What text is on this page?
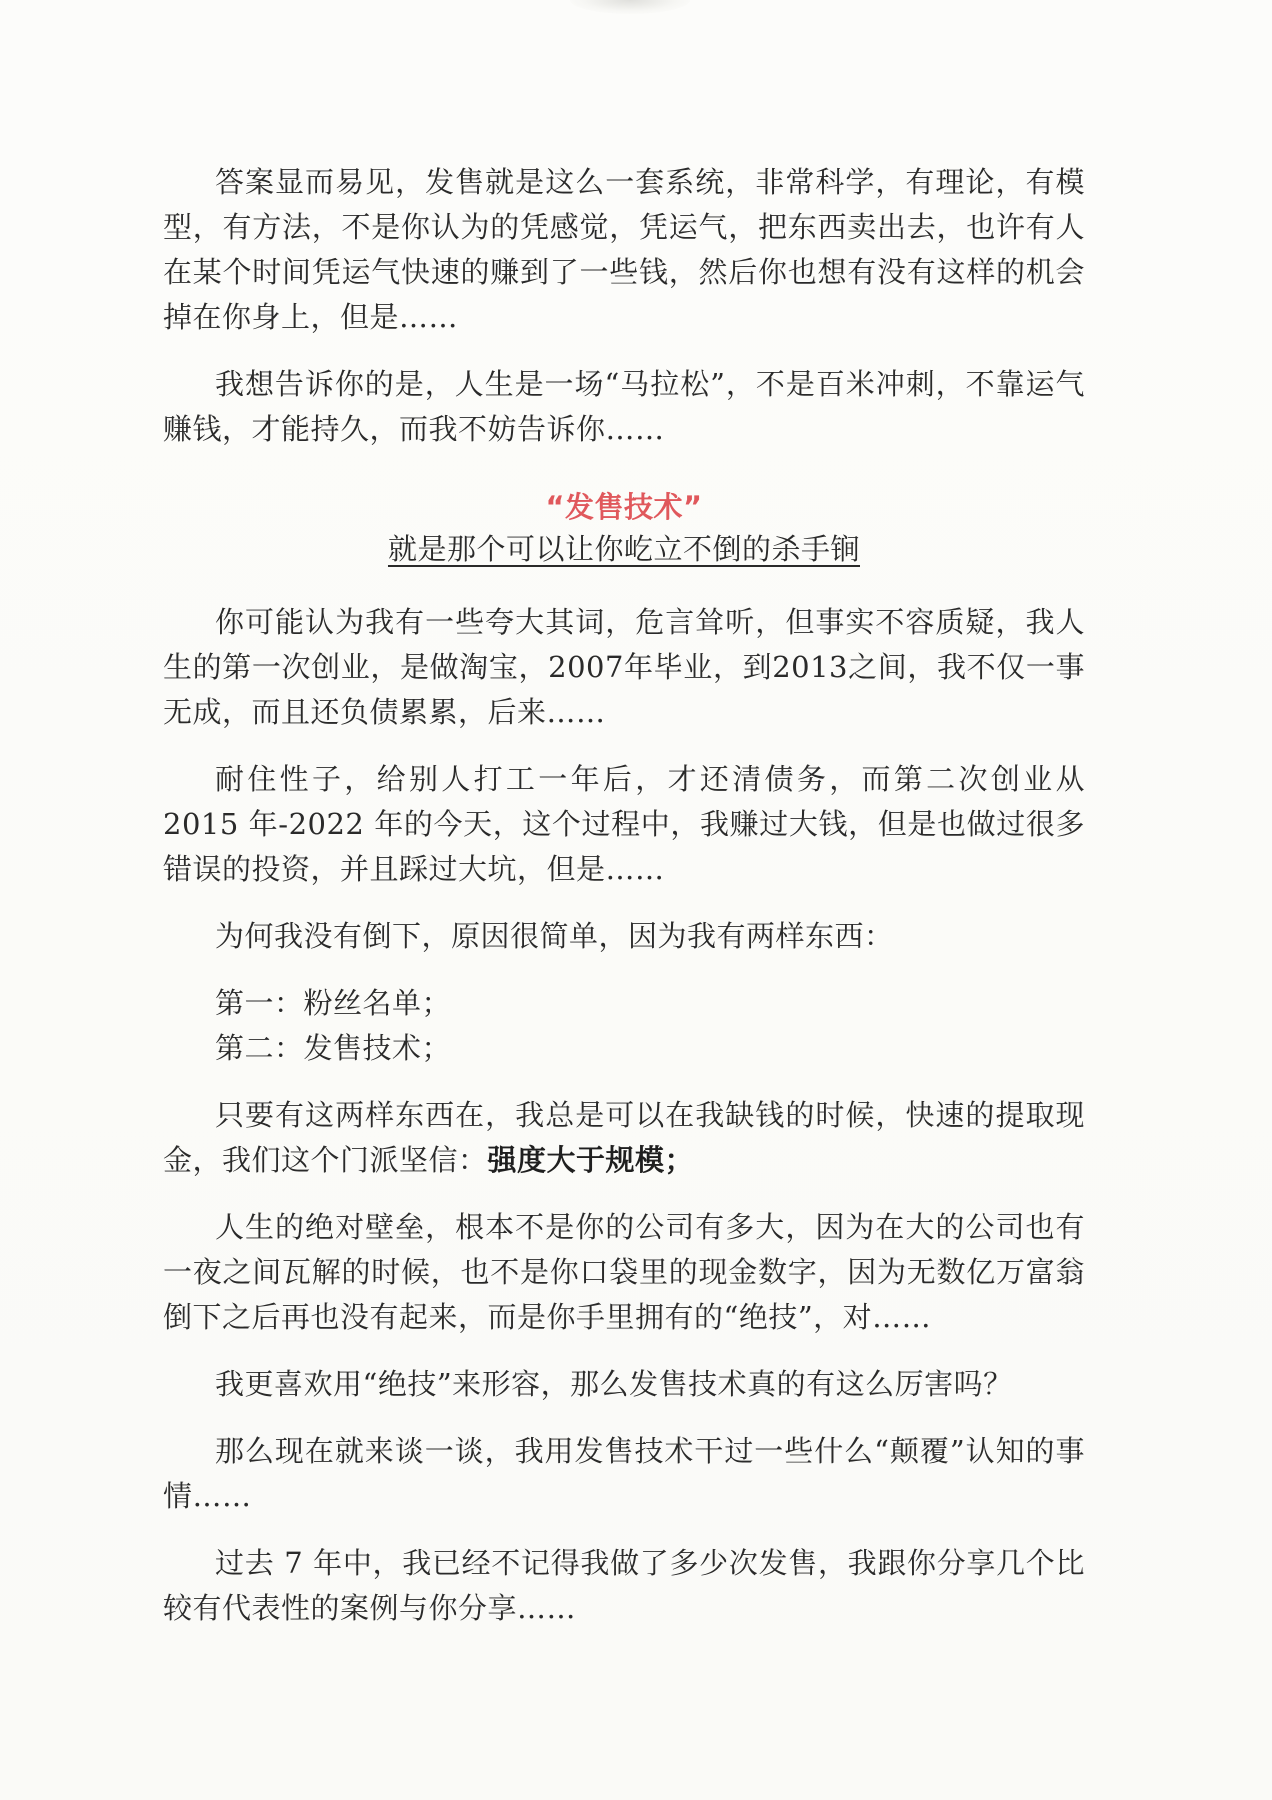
答案显而易见，发售就是这么一套系统，非常科学，有理论，有模型，有方法，不是你认为的凭感觉，凭运气，把东西卖出去，也许有人在某个时间凭运气快速的赚到了一些钱，然后你也想有没有这样的机会掉在你身上，但是……

我想告诉你的是，人生是一场“马拉松”，不是百米冲刺，不靠运气赚钱，才能持久，而我不妨告诉你……

“发售技术”
就是那个可以让你屹立不倒的杀手锏

你可能认为我有一些夸大其词，危言耸听，但事实不容质疑，我人生的第一次创业，是做淘宝，2007年毕业，到2013之间，我不仅一事无成，而且还负债累累，后来……

耐住性子，给别人打工一年后，才还清债务，而第二次创业从2015 年-2022 年的今天，这个过程中，我赚过大钱，但是也做过很多错误的投资，并且踩过大坑，但是……

为何我没有倒下，原因很简单，因为我有两样东西：

第一：粉丝名单；
第二：发售技术；

只要有这两样东西在，我总是可以在我缺钱的时候，快速的提取现金，我们这个门派坚信：强度大于规模；

人生的绝对壁垒，根本不是你的公司有多大，因为在大的公司也有一夜之间瓦解的时候，也不是你口袋里的现金数字，因为无数亿万富翁倒下之后再也没有起来，而是你手里拥有的“绝技”，对……

我更喜欢用“绝技”来形容，那么发售技术真的有这么厉害吗？

那么现在就来谈一谈，我用发售技术干过一些什么“颠覆”认知的事情……

过去 7 年中，我已经不记得我做了多少次发售，我跟你分享几个比较有代表性的案例与你分享……
